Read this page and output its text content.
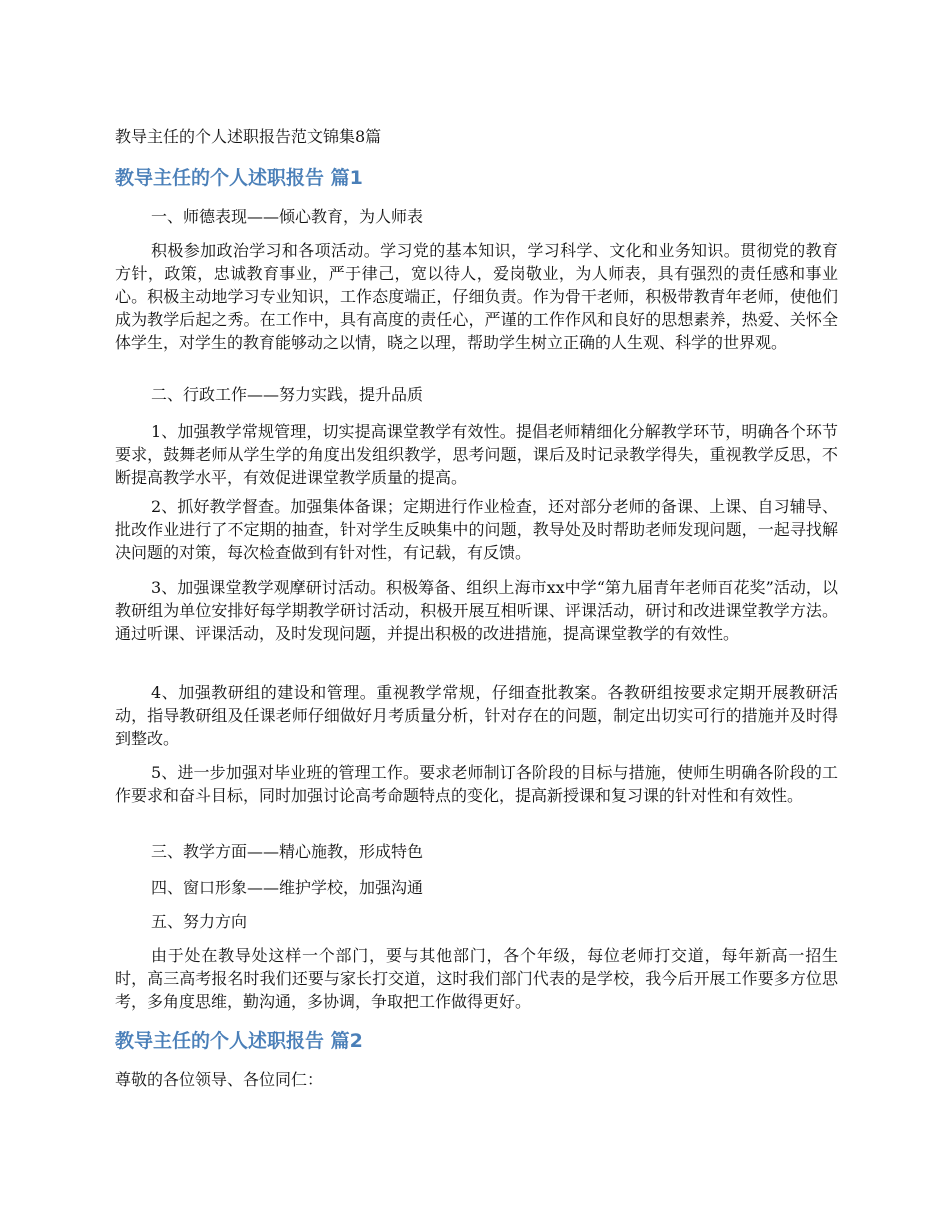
教导主任的个人述职报告范文锦集8篇
教导主任的个人述职报告 篇1
一、师德表现——倾心教育，为人师表
积极参加政治学习和各项活动。学习党的基本知识，学习科学、文化和业务知识。贯彻党的教育方针，政策，忠诚教育事业，严于律己，宽以待人，爱岗敬业，为人师表，具有强烈的责任感和事业心。积极主动地学习专业知识，工作态度端正，仔细负责。作为骨干老师，积极带教青年老师，使他们成为教学后起之秀。在工作中，具有高度的责任心，严谨的工作作风和良好的思想素养，热爱、关怀全体学生，对学生的教育能够动之以情，晓之以理，帮助学生树立正确的人生观、科学的世界观。
二、行政工作——努力实践，提升品质
1、加强教学常规管理，切实提高课堂教学有效性。提倡老师精细化分解教学环节，明确各个环节要求，鼓舞老师从学生学的角度出发组织教学，思考问题，课后及时记录教学得失，重视教学反思，不断提高教学水平，有效促进课堂教学质量的提高。
2、抓好教学督查。加强集体备课；定期进行作业检查，还对部分老师的备课、上课、自习辅导、批改作业进行了不定期的抽查，针对学生反映集中的问题，教导处及时帮助老师发现问题，一起寻找解决问题的对策，每次检查做到有针对性，有记载，有反馈。
3、加强课堂教学观摩研讨活动。积极筹备、组织上海市xx中学“第九届青年老师百花奖”活动，以教研组为单位安排好每学期教学研讨活动，积极开展互相听课、评课活动，研讨和改进课堂教学方法。通过听课、评课活动，及时发现问题，并提出积极的改进措施，提高课堂教学的有效性。
4、加强教研组的建设和管理。重视教学常规，仔细查批教案。各教研组按要求定期开展教研活动，指导教研组及任课老师仔细做好月考质量分析，针对存在的问题，制定出切实可行的措施并及时得到整改。
5、进一步加强对毕业班的管理工作。要求老师制订各阶段的目标与措施，使师生明确各阶段的工作要求和奋斗目标，同时加强讨论高考命题特点的变化，提高新授课和复习课的针对性和有效性。
三、教学方面——精心施教，形成特色
四、窗口形象——维护学校，加强沟通
五、努力方向
由于处在教导处这样一个部门，要与其他部门，各个年级，每位老师打交道，每年新高一招生时，高三高考报名时我们还要与家长打交道，这时我们部门代表的是学校，我今后开展工作要多方位思考，多角度思维，勤沟通，多协调，争取把工作做得更好。
教导主任的个人述职报告 篇2
尊敬的各位领导、各位同仁：
